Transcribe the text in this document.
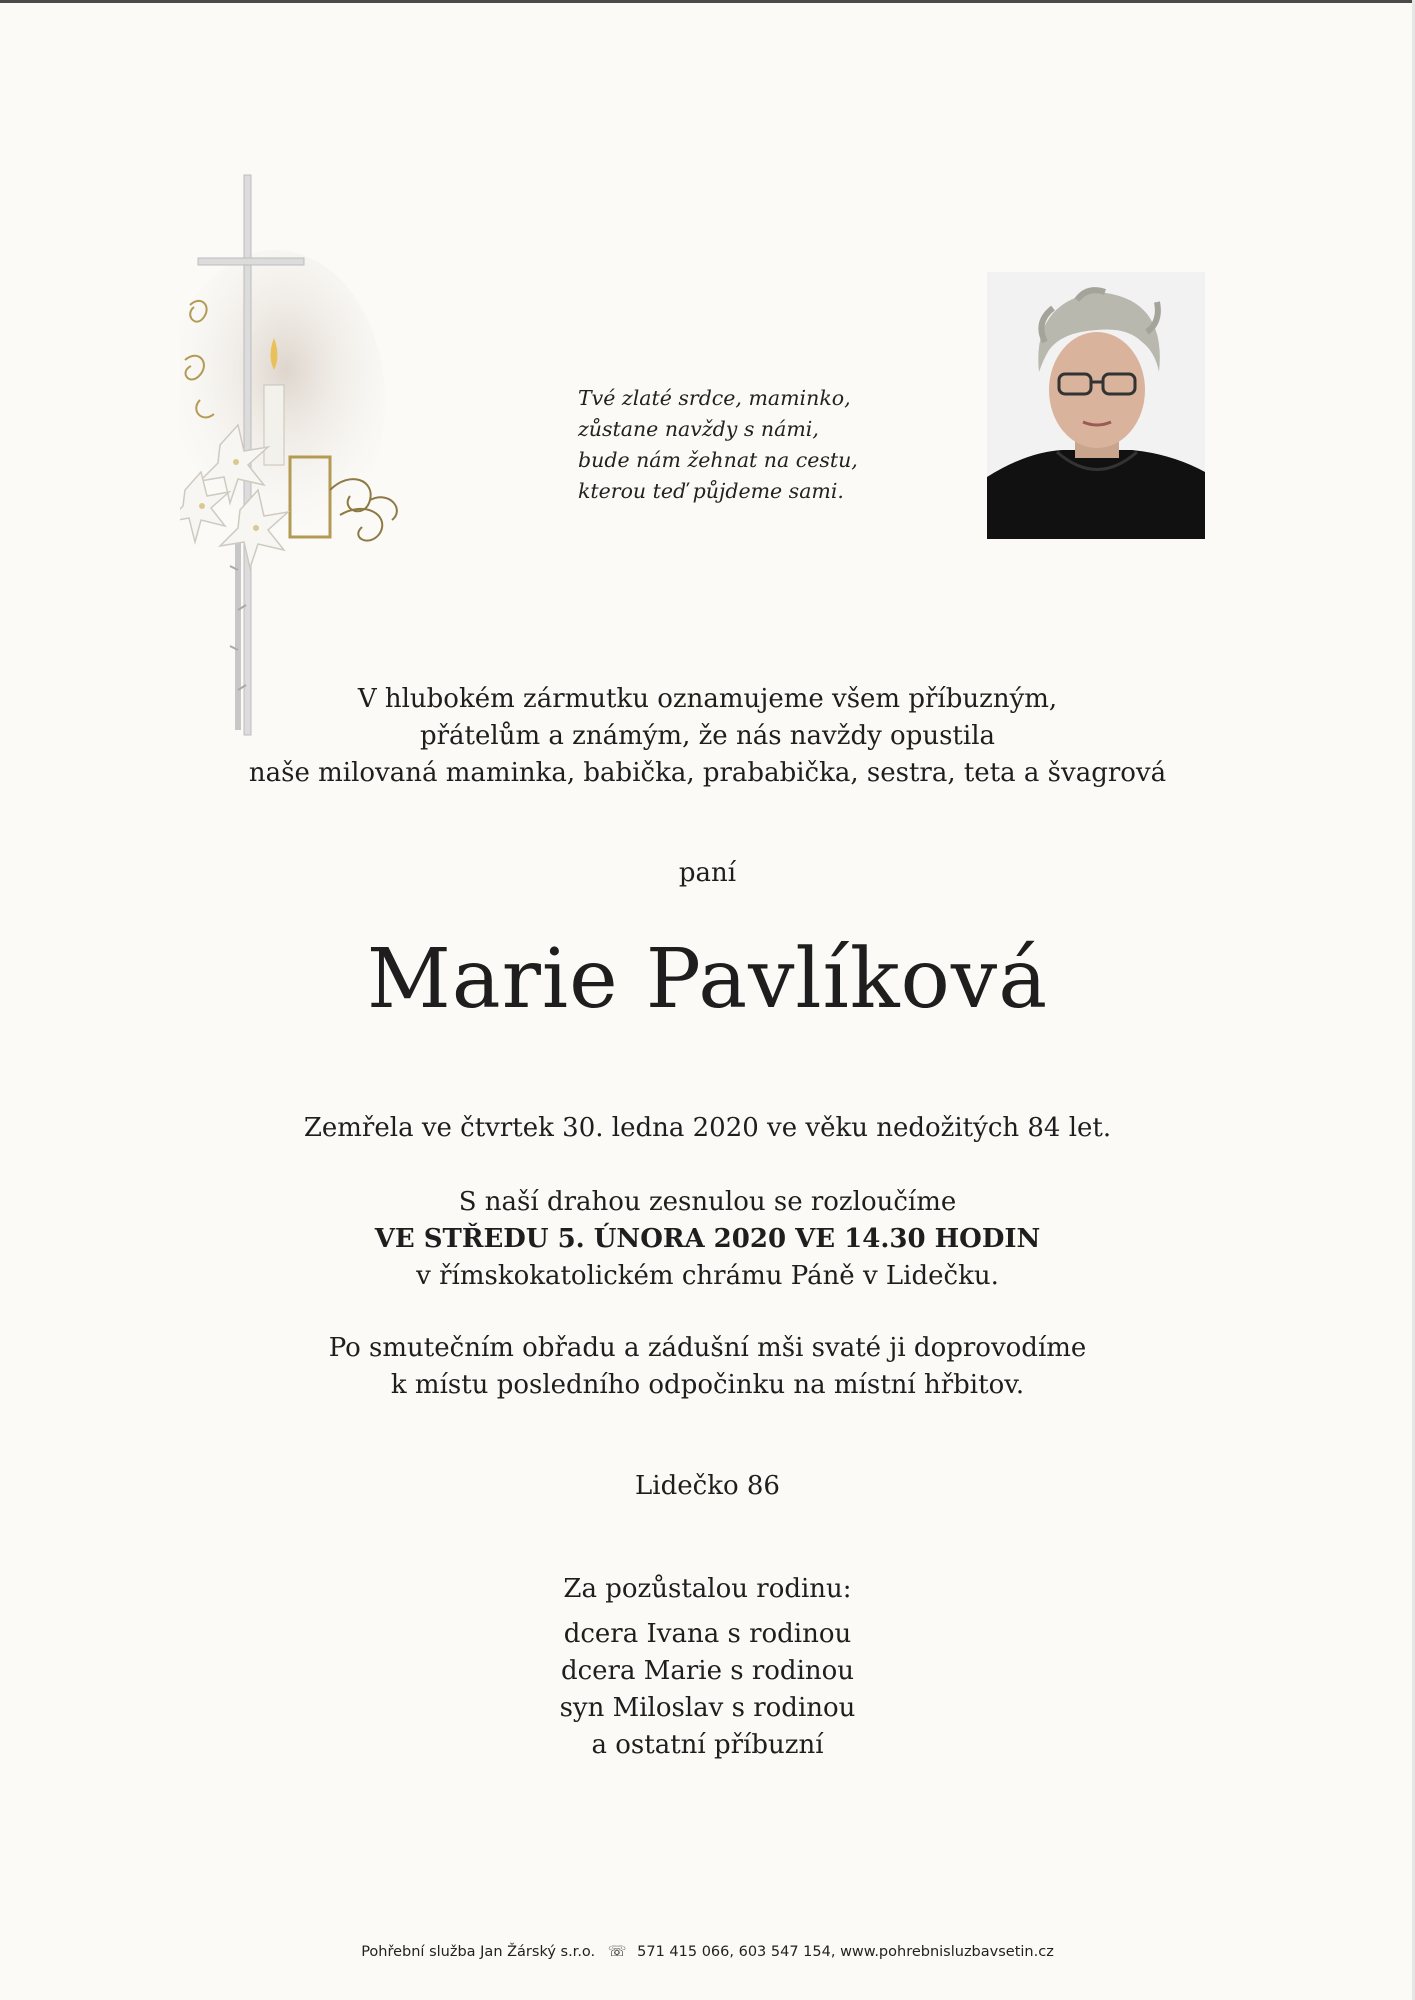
Tvé zlaté srdce, maminko,
zůstane navždy s námi,
bude nám žehnat na cestu,
kterou teď půjdeme sami.
V hlubokém zármutku oznamujeme všem příbuzným,
přátelům a známým, že nás navždy opustila
naše milovaná maminka, babička, prababička, sestra, teta a švagrová
paní
Marie Pavlíková
Zemřela ve čtvrtek 30. ledna 2020 ve věku nedožitých 84 let.
S naší drahou zesnulou se rozloučíme
VE STŘEDU 5. ÚNORA 2020 VE 14.30 HODIN
v římskokatolickém chrámu Páně v Lidečku.
Po smutečním obřadu a zádušní mši svaté ji doprovodíme
k místu posledního odpočinku na místní hřbitov.
Lidečko 86
Za pozůstalou rodinu:
dcera Ivana s rodinou
dcera Marie s rodinou
syn Miloslav s rodinou
a ostatní příbuzní
Pohřební služba Jan Žárský s.r.o. ☏ 571 415 066, 603 547 154, www.pohrebnisluzbavsetin.cz
